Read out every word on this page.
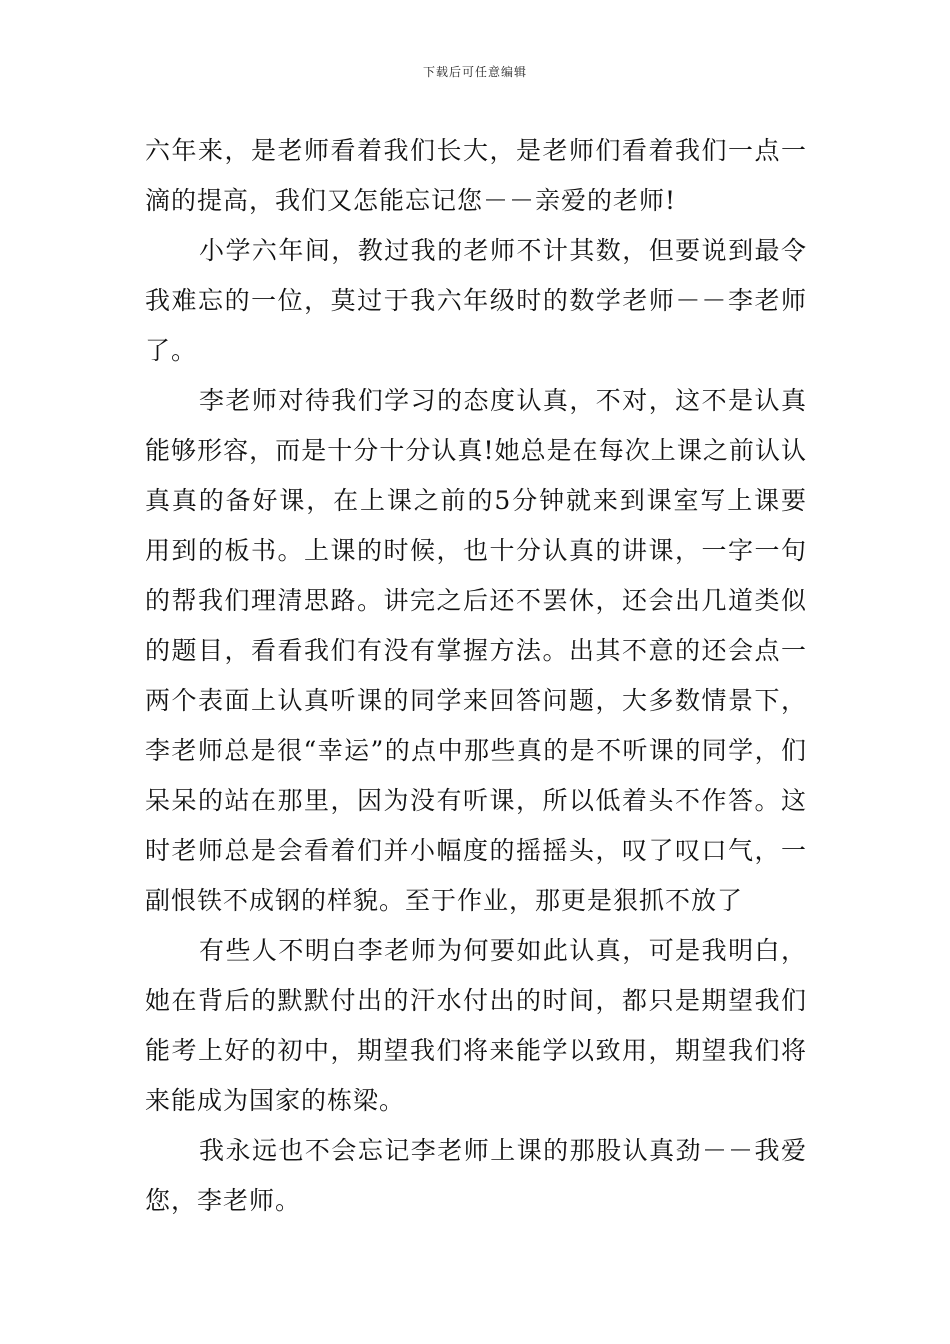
下载后可任意编辑

六年来，是老师看着我们长大，是老师们看着我们一点一滴的提高，我们又怎能忘记您－－亲爱的老师!

小学六年间，教过我的老师不计其数，但要说到最令我难忘的一位，莫过于我六年级时的数学老师－－李老师了。

李老师对待我们学习的态度认真，不对，这不是认真能够形容，而是十分十分认真!她总是在每次上课之前认认真真的备好课，在上课之前的5分钟就来到课室写上课要用到的板书。上课的时候，也十分认真的讲课，一字一句的帮我们理清思路。讲完之后还不罢休，还会出几道类似的题目，看看我们有没有掌握方法。出其不意的还会点一两个表面上认真听课的同学来回答问题，大多数情景下，李老师总是很“幸运”的点中那些真的是不听课的同学，们呆呆的站在那里，因为没有听课，所以低着头不作答。这时老师总是会看着们并小幅度的摇摇头，叹了叹口气，一副恨铁不成钢的样貌。至于作业，那更是狠抓不放了

有些人不明白李老师为何要如此认真，可是我明白，她在背后的默默付出的汗水付出的时间，都只是期望我们能考上好的初中，期望我们将来能学以致用，期望我们将来能成为国家的栋梁。

我永远也不会忘记李老师上课的那股认真劲－－我爱您，李老师。
